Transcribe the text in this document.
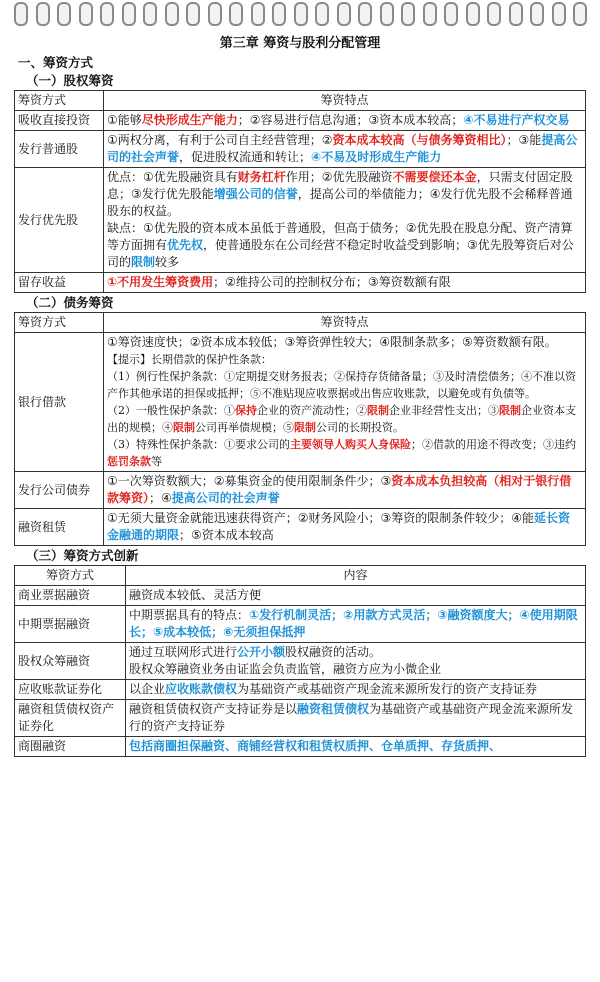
第三章 筹资与股利分配管理
一、筹资方式
（一）股权筹资
筹资方式	筹资特点
吸收直接投资	①能够尽快形成生产能力；②容易进行信息沟通；③资本成本较高；④不易进行产权交易
发行普通股	①两权分离，有利于公司自主经营管理；②资本成本较高（与债务筹资相比）；③能提高公司的社会声誉，促进股权流通和转让；④不易及时形成生产能力
发行优先股	优点：①优先股融资具有财务杠杆作用；②优先股融资不需要偿还本金，只需支付固定股息；③发行优先股能增强公司的信誉，提高公司的举债能力；④发行优先股不会稀释普通股东的权益。
缺点：①优先股的资本成本虽低于普通股，但高于债务；②优先股在股息分配、资产清算等方面拥有优先权，使普通股东在公司经营不稳定时收益受到影响；③优先股筹资后对公司的限制较多

留存收益	①不用发生筹资费用；②维持公司的控制权分布；③筹资数额有限
（二）债务筹资
筹资方式	筹资特点
银行借款	①筹资速度快；②资本成本较低；③筹资弹性较大；④限制条款多；⑤筹资数额有限。
【提示】长期借款的保护性条款：
（1）例行性保护条款：①定期提交财务报表；②保持存货储备量；③及时清偿债务；④不准以资产作其他承诺的担保或抵押；⑤不准贴现应收票据或出售应收账款，以避免或有负债等。
（2）一般性保护条款：①保持企业的资产流动性；②限制企业非经营性支出；③限制企业资本支出的规模；④限制公司再举债规模；⑤限制公司的长期投资。
（3）特殊性保护条款：①要求公司的主要领导人购买人身保险；②借款的用途不得改变；③违约惩罚条款等

发行公司债券	①一次筹资数额大；②募集资金的使用限制条件少；③资本成本负担较高（相对于银行借款筹资）；④提高公司的社会声誉
融资租赁	①无须大量资金就能迅速获得资产；②财务风险小；③筹资的限制条件较少；④能延长资金融通的期限；⑤资本成本较高
（三）筹资方式创新
筹资方式	内容
商业票据融资	融资成本较低、灵活方便
中期票据融资	中期票据具有的特点：①发行机制灵活；②用款方式灵活；③融资额度大；④使用期限长；⑤成本较低；⑥无须担保抵押
股权众筹融资	通过互联网形式进行公开小额股权融资的活动。
股权众筹融资业务由证监会负责监管，融资方应为小微企业

应收账款证券化	以企业应收账款债权为基础资产或基础资产现金流来源所发行的资产支持证券
融资租赁债权资产证券化	融资租赁债权资产支持证券是以融资租赁债权为基础资产或基础资产现金流来源所发行的资产支持证券
商圈融资	包括商圈担保融资、商铺经营权和租赁权质押、仓单质押、存货质押、
